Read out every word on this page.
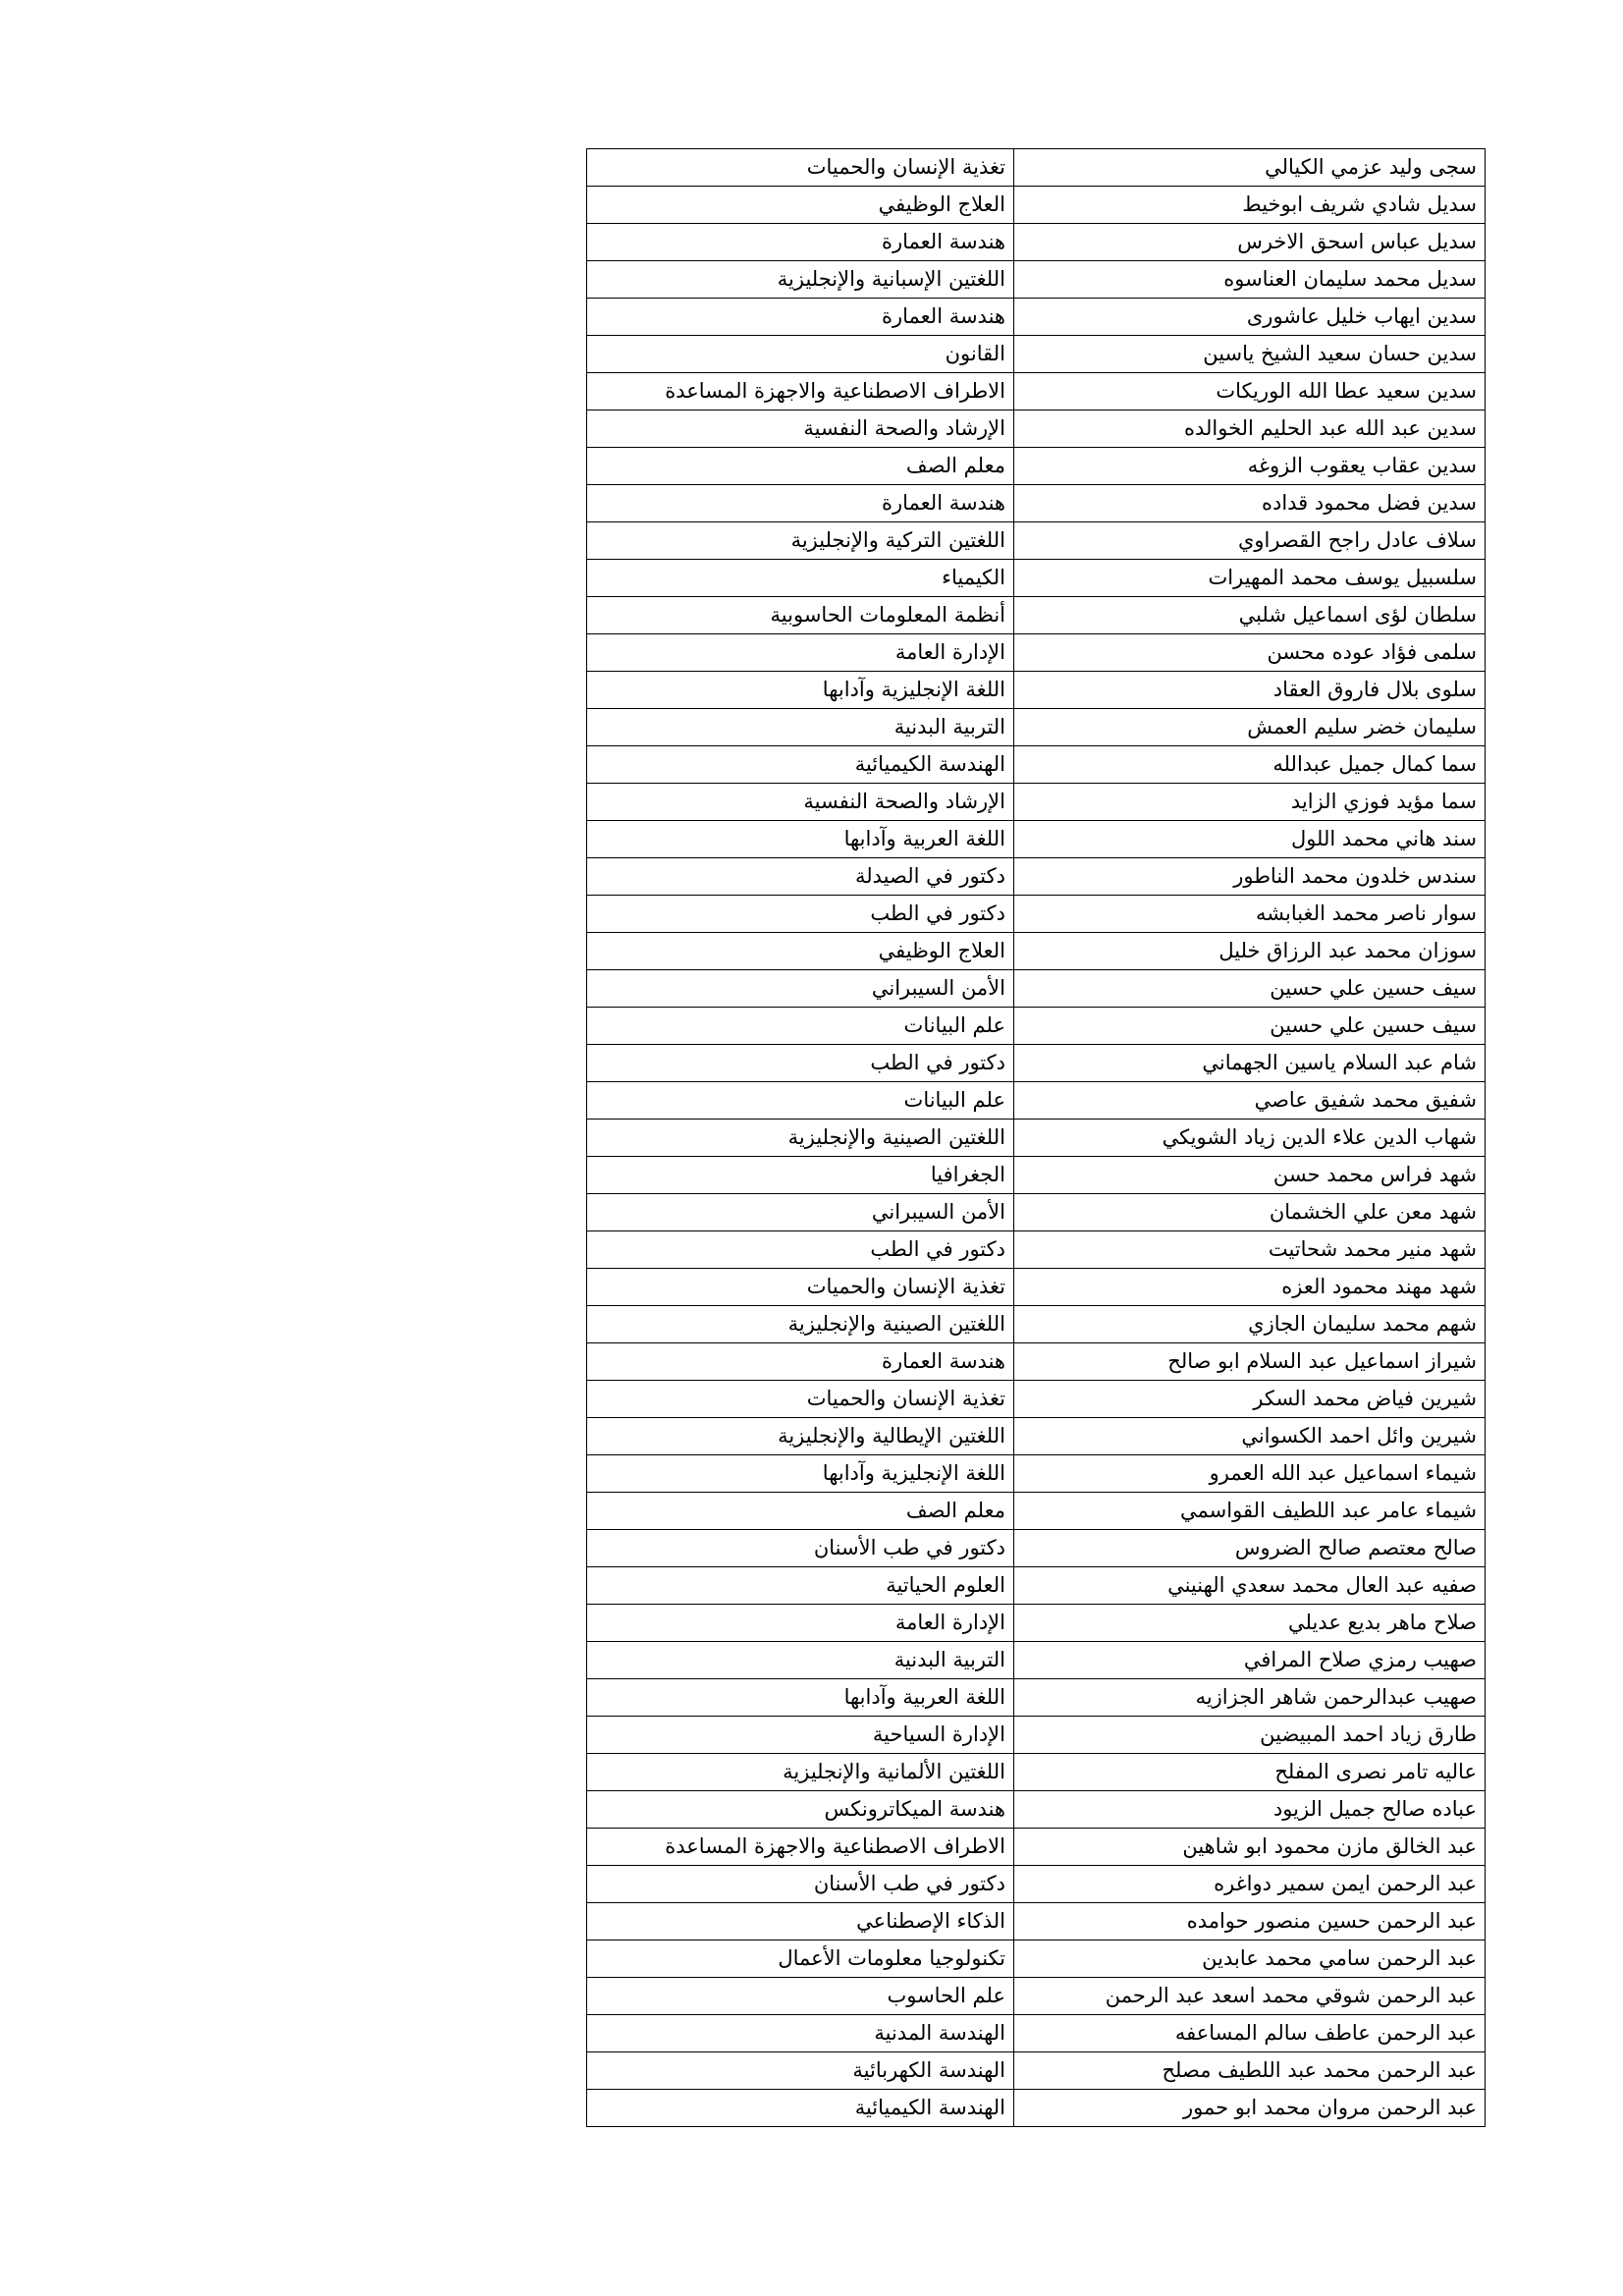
سجى وليد عزمي الكيالي	تغذية الإنسان والحميات
سديل شادي شريف ابوخيط	العلاج الوظيفي
سديل عباس اسحق الاخرس	هندسة العمارة
سديل محمد سليمان العناسوه	اللغتين الإسبانية والإنجليزية
سدين ايهاب خليل عاشورى	هندسة العمارة
سدين حسان سعيد الشيخ ياسين	القانون
سدين سعيد عطا الله الوريكات	الاطراف الاصطناعية والاجهزة المساعدة
سدين عبد الله عبد الحليم الخوالده	الإرشاد والصحة النفسية
سدين عقاب يعقوب الزوغه	معلم الصف
سدين فضل محمود قداده	هندسة العمارة
سلاف عادل راجح القصراوي	اللغتين التركية والإنجليزية
سلسبيل يوسف محمد المهيرات	الكيمياء
سلطان لؤى اسماعيل شلبي	أنظمة المعلومات الحاسوبية
سلمى فؤاد عوده محسن	الإدارة العامة
سلوى بلال فاروق العقاد	اللغة الإنجليزية وآدابها
سليمان خضر سليم العمش	التربية البدنية
سما كمال جميل عبدالله	الهندسة الكيميائية
سما مؤيد فوزي الزايد	الإرشاد والصحة النفسية
سند هاني محمد اللول	اللغة العربية وآدابها
سندس خلدون محمد الناطور	دكتور في الصيدلة
سوار ناصر محمد الغبابشه	دكتور في الطب
سوزان محمد عبد الرزاق خليل	العلاج الوظيفي
سيف حسين علي حسين	الأمن السيبراني
سيف حسين علي حسين	علم البيانات
شام عبد السلام ياسين الجهماني	دكتور في الطب
شفيق محمد شفيق عاصي	علم البيانات
شهاب الدين علاء الدين زياد الشويكي	اللغتين الصينية والإنجليزية
شهد فراس محمد حسن	الجغرافيا
شهد معن علي الخشمان	الأمن السيبراني
شهد منير محمد شحاتيت	دكتور في الطب
شهد مهند محمود العزه	تغذية الإنسان والحميات
شهم محمد سليمان الجازي	اللغتين الصينية والإنجليزية
شيراز اسماعيل عبد السلام ابو صالح	هندسة العمارة
شيرين فياض محمد السكر	تغذية الإنسان والحميات
شيرين وائل احمد الكسواني	اللغتين الإيطالية والإنجليزية
شيماء اسماعيل عبد الله العمرو	اللغة الإنجليزية وآدابها
شيماء عامر عبد اللطيف القواسمي	معلم الصف
صالح معتصم صالح الضروس	دكتور في طب الأسنان
صفيه عبد العال محمد سعدي الهنيني	العلوم الحياتية
صلاح ماهر بديع عديلي	الإدارة العامة
صهيب رمزي صلاح المرافي	التربية البدنية
صهيب عبدالرحمن شاهر الجزازيه	اللغة العربية وآدابها
طارق زياد احمد المبيضين	الإدارة السياحية
عاليه تامر نصرى المفلح	اللغتين الألمانية والإنجليزية
عباده صالح جميل الزيود	هندسة الميكاترونكس
عبد الخالق مازن محمود ابو شاهين	الاطراف الاصطناعية والاجهزة المساعدة
عبد الرحمن ايمن سمير دواغره	دكتور في طب الأسنان
عبد الرحمن حسين منصور حوامده	الذكاء الإصطناعي
عبد الرحمن سامي محمد عابدين	تكنولوجيا معلومات الأعمال
عبد الرحمن شوقي محمد اسعد عبد الرحمن	علم الحاسوب
عبد الرحمن عاطف سالم المساعفه	الهندسة المدنية
عبد الرحمن محمد عبد اللطيف مصلح	الهندسة الكهربائية
عبد الرحمن مروان محمد ابو حمور	الهندسة الكيميائية
